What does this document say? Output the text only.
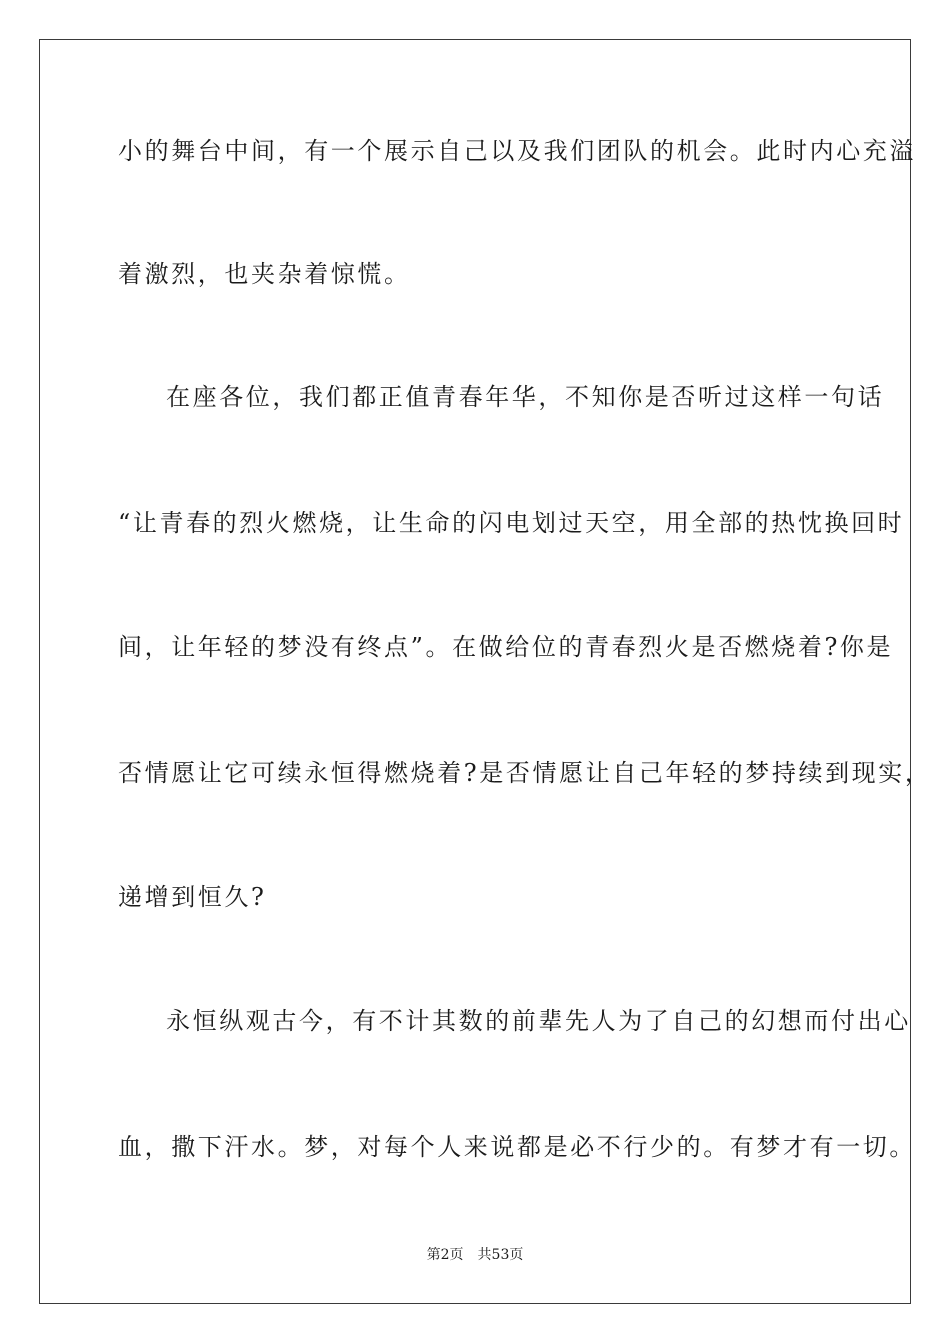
小的舞台中间，有一个展示自己以及我们团队的机会。此时内心充溢
着激烈，也夹杂着惊慌。
在座各位，我们都正值青春年华，不知你是否听过这样一句话
“让青春的烈火燃烧，让生命的闪电划过天空，用全部的热忱换回时
间，让年轻的梦没有终点”。在做给位的青春烈火是否燃烧着?你是
否情愿让它可续永恒得燃烧着?是否情愿让自己年轻的梦持续到现实，
递增到恒久?
永恒纵观古今，有不计其数的前辈先人为了自己的幻想而付出心
血，撒下汗水。梦，对每个人来说都是必不行少的。有梦才有一切。
第2页 共53页
